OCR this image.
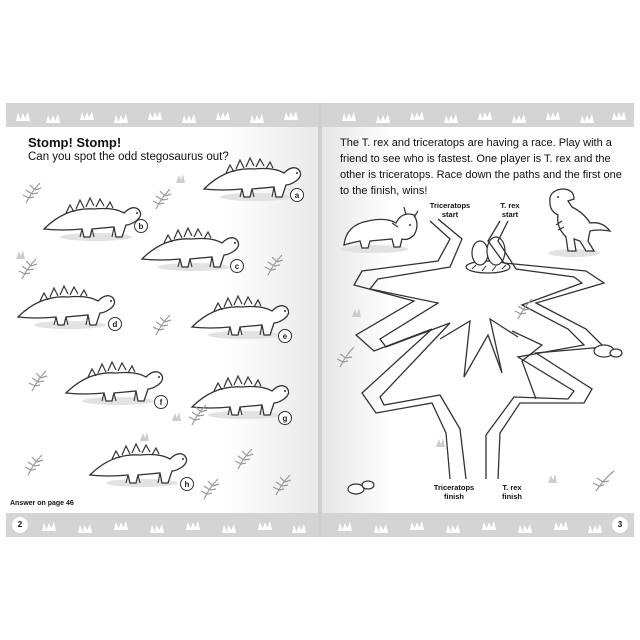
Stomp! Stomp!
Can you spot the odd stegosaurus out?
a
b
c
d
e
f
g
h
Answer on page 46
2
The T. rex and triceratops are having a race. Play with a friend to see who is fastest. One player is T. rex and the other is triceratops. Race down the paths and the first one to the finish, wins!
Triceratops start
T. rex start
Triceratops finish
T. rex finish
3
